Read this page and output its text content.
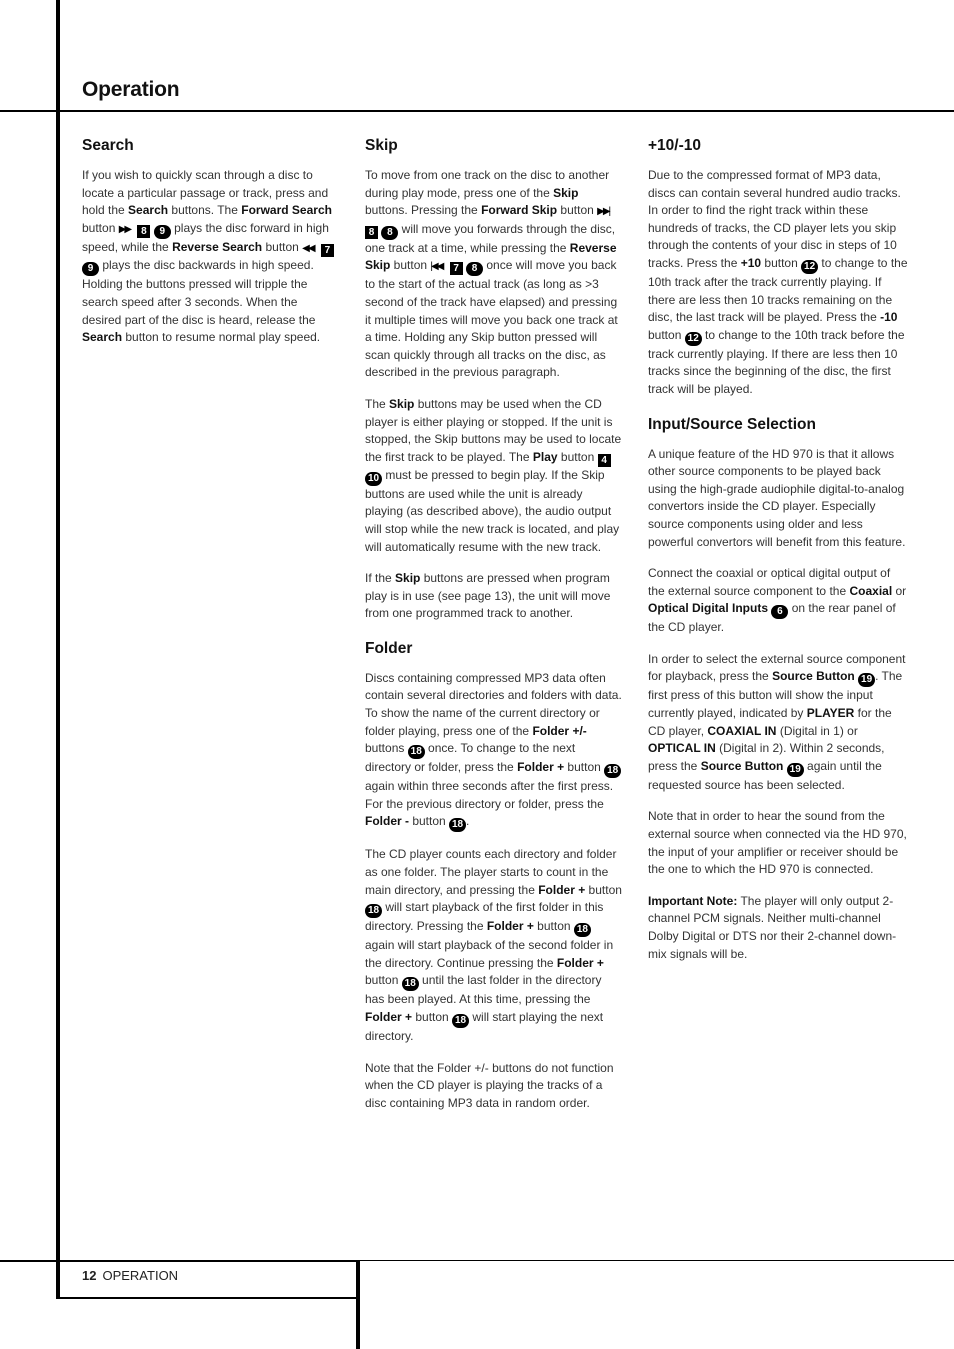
Operation
Search

If you wish to quickly scan through a disc to locate a particular passage or track, press and hold the Search buttons. The Forward Search button ▶▶ 8 9 plays the disc forward in high speed, while the Reverse Search button ◀◀ 7 9 plays the disc backwards in high speed. Holding the buttons pressed will tripple the search speed after 3 seconds. When the desired part of the disc is heard, release the Search button to resume normal play speed.

Skip

To move from one track on the disc to another during play mode, press one of the Skip buttons. Pressing the Forward Skip button ▶▶| 8 8 will move you forwards through the disc, one track at a time, while pressing the Reverse Skip button |◀◀ 7 8 once will move you back to the start of the actual track (as long as >3 second of the track have elapsed) and pressing it multiple times will move you back one track at a time. Holding any Skip button pressed will scan quickly through all tracks on the disc, as described in the previous paragraph.

The Skip buttons may be used when the CD player is either playing or stopped. If the unit is stopped, the Skip buttons may be used to locate the first track to be played. The Play button 4 10 must be pressed to begin play. If the Skip buttons are used while the unit is already playing (as described above), the audio output will stop while the new track is located, and play will automatically resume with the new track.

If the Skip buttons are pressed when program play is in use (see page 13), the unit will move from one programmed track to another.

Folder

Discs containing compressed MP3 data often contain several directories and folders with data. To show the name of the current directory or folder playing, press one of the Folder +/- buttons 18 once. To change to the next directory or folder, press the Folder + button 18 again within three seconds after the first press. For the previous directory or folder, press the Folder - button 18 .

The CD player counts each directory and folder as one folder. The player starts to count in the main directory, and pressing the Folder + button 18 will start playback of the first folder in this directory. Pressing the Folder + button 18 again will start playback of the second folder in the directory. Continue pressing the Folder + button 18 until the last folder in the directory has been played. At this time, pressing the Folder + button 18 will start playing the next directory.

Note that the Folder +/- buttons do not function when the CD player is playing the tracks of a disc containing MP3 data in random order.

+10/-10

Due to the compressed format of MP3 data, discs can contain several hundred audio tracks. In order to find the right track within these hundreds of tracks, the CD player lets you skip through the contents of your disc in steps of 10 tracks. Press the +10 button 12 to change to the 10th track after the track currently playing. If there are less then 10 tracks remaining on the disc, the last track will be played. Press the -10 button 12 to change to the 10th track before the track currently playing. If there are less then 10 tracks since the beginning of the disc, the first track will be played.

Input/Source Selection

A unique feature of the HD 970 is that it allows other source components to be played back using the high-grade audiophile digital-to-analog convertors inside the CD player. Especially source components using older and less powerful convertors will benefit from this feature.

Connect the coaxial or optical digital output of the external source component to the Coaxial or Optical Digital Inputs 6 on the rear panel of the CD player.

In order to select the external source component for playback, press the Source Button 19 . The first press of this button will show the input currently played, indicated by PLAYER for the CD player, COAXIAL IN (Digital in 1) or OPTICAL IN (Digital in 2). Within 2 seconds, press the Source Button 19 again until the requested source has been selected.

Note that in order to hear the sound from the external source when connected via the HD 970, the input of your amplifier or receiver should be the one to which the HD 970 is connected.

Important Note: The player will only output 2-channel PCM signals. Neither multi-channel Dolby Digital or DTS nor their 2-channel down-mix signals will be.

12 OPERATION
